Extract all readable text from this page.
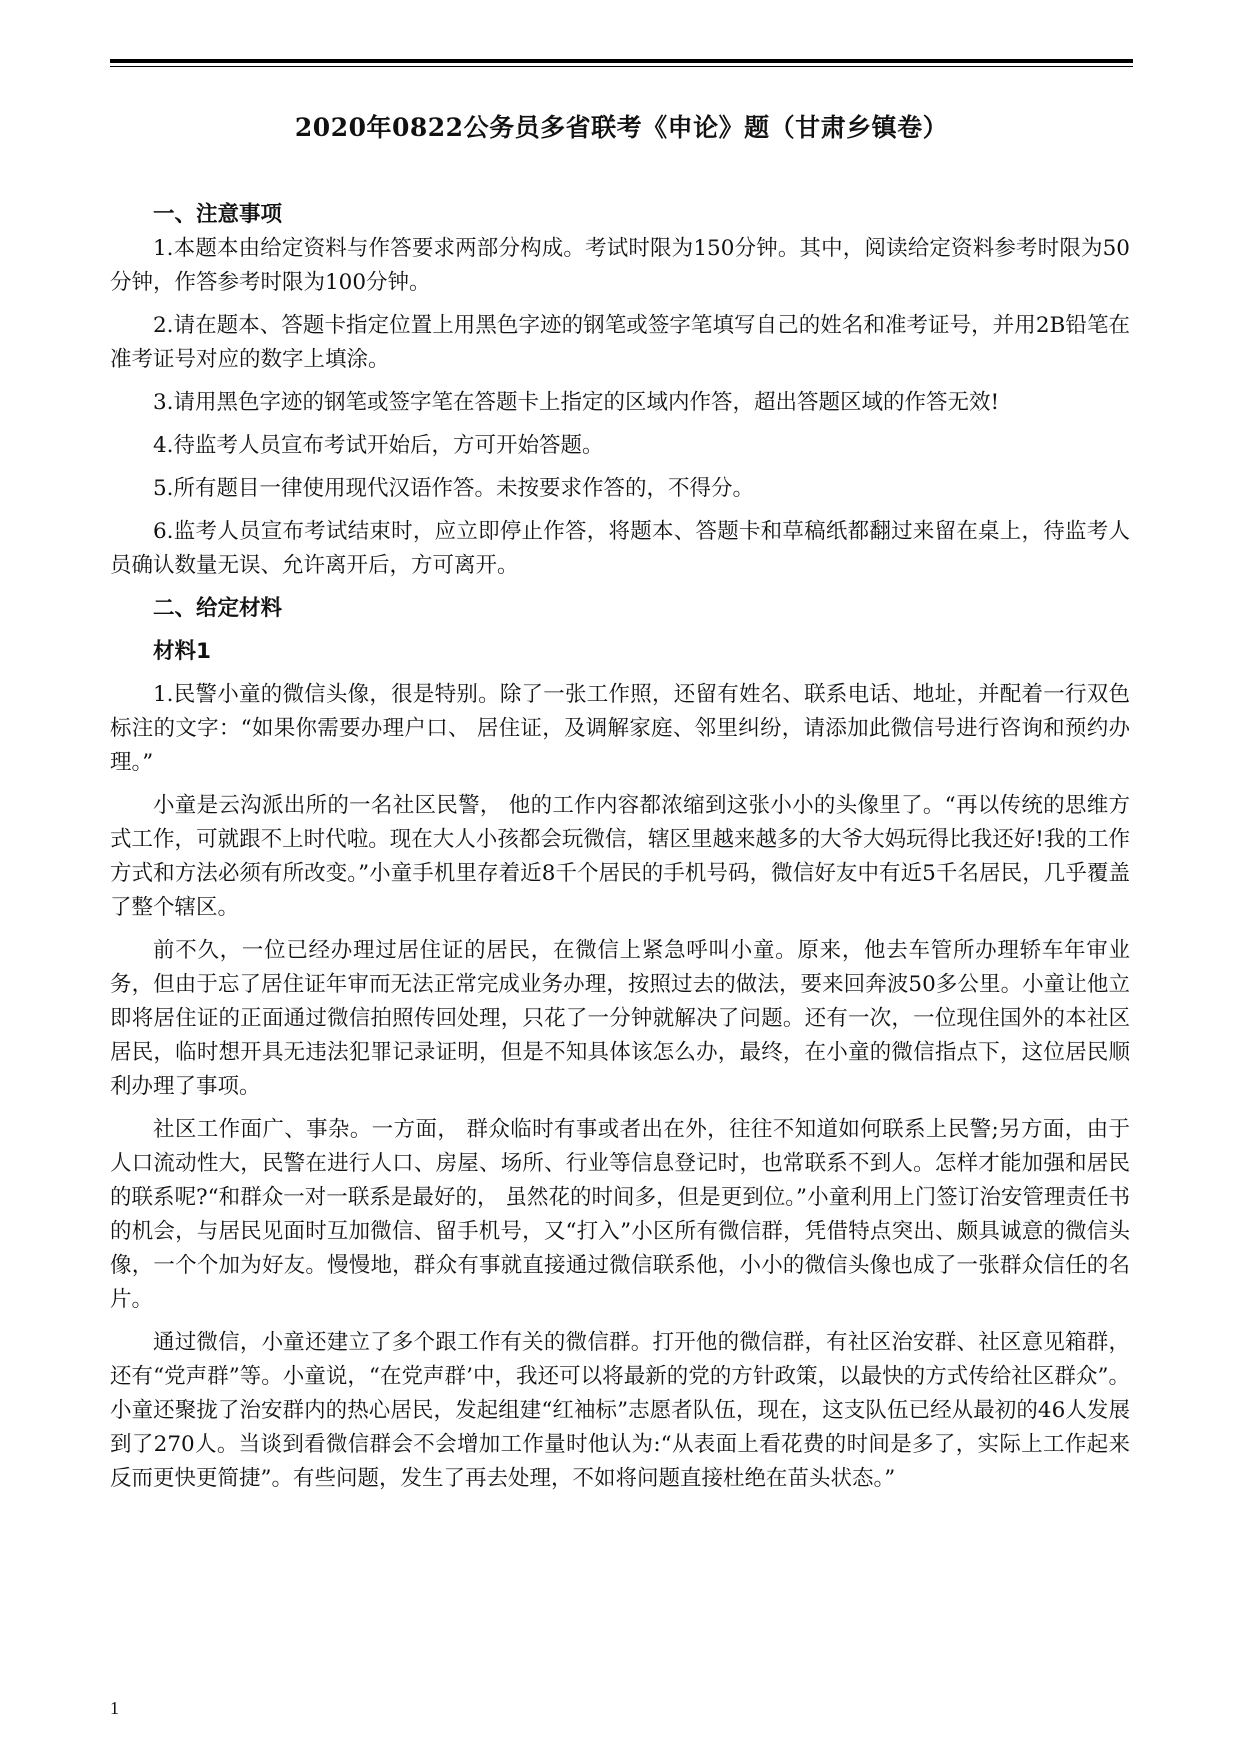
2020年0822公务员多省联考《申论》题（甘肃乡镇卷）
一、注意事项

1.本题本由给定资料与作答要求两部分构成。考试时限为150分钟。其中，阅读给定资料参考时限为50分钟，作答参考时限为100分钟。

2.请在题本、答题卡指定位置上用黑色字迹的钢笔或签字笔填写自己的姓名和准考证号，并用2B铅笔在准考证号对应的数字上填涂。

3.请用黑色字迹的钢笔或签字笔在答题卡上指定的区域内作答，超出答题区域的作答无效!

4.待监考人员宣布考试开始后，方可开始答题。

5.所有题目一律使用现代汉语作答。未按要求作答的，不得分。

6.监考人员宣布考试结束时，应立即停止作答，将题本、答题卡和草稿纸都翻过来留在桌上，待监考人员确认数量无误、允许离开后，方可离开。

二、给定材料
材料1

1.民警小童的微信头像，很是特别。除了一张工作照，还留有姓名、联系电话、地址，并配着一行双色标注的文字：“如果你需要办理户口、 居住证，及调解家庭、邻里纠纷，请添加此微信号进行咨询和预约办理。”

小童是云沟派出所的一名社区民警， 他的工作内容都浓缩到这张小小的头像里了。“再以传统的思维方式工作，可就跟不上时代啦。现在大人小孩都会玩微信，辖区里越来越多的大爷大妈玩得比我还好!我的工作方式和方法必须有所改变。”小童手机里存着近8千个居民的手机号码，微信好友中有近5千名居民，几乎覆盖了整个辖区。

前不久，一位已经办理过居住证的居民，在微信上紧急呼叫小童。原来，他去车管所办理轿车年审业务，但由于忘了居住证年审而无法正常完成业务办理，按照过去的做法，要来回奔波50多公里。小童让他立即将居住证的正面通过微信拍照传回处理，只花了一分钟就解决了问题。还有一次，一位现住国外的本社区居民，临时想开具无违法犯罪记录证明，但是不知具体该怎么办，最终，在小童的微信指点下，这位居民顺利办理了事项。

社区工作面广、事杂。一方面， 群众临时有事或者出在外，往往不知道如何联系上民警;另方面，由于人口流动性大，民警在进行人口、房屋、场所、行业等信息登记时，也常联系不到人。怎样才能加强和居民的联系呢?“和群众一对一联系是最好的， 虽然花的时间多，但是更到位。”小童利用上门签订治安管理责任书的机会，与居民见面时互加微信、留手机号，又“打入”小区所有微信群，凭借特点突出、颇具诚意的微信头像，一个个加为好友。慢慢地，群众有事就直接通过微信联系他，小小的微信头像也成了一张群众信任的名片。

通过微信，小童还建立了多个跟工作有关的微信群。打开他的微信群，有社区治安群、社区意见箱群，还有“党声群”等。小童说，“在党声群’中，我还可以将最新的党的方针政策，以最快的方式传给社区群众”。小童还聚拢了治安群内的热心居民，发起组建“红袖标”志愿者队伍，现在，这支队伍已经从最初的46人发展到了270人。当谈到看微信群会不会增加工作量时他认为:“从表面上看花费的时间是多了，实际上工作起来反而更快更简捷”。有些问题，发生了再去处理，不如将问题直接杜绝在苗头状态。”

1
